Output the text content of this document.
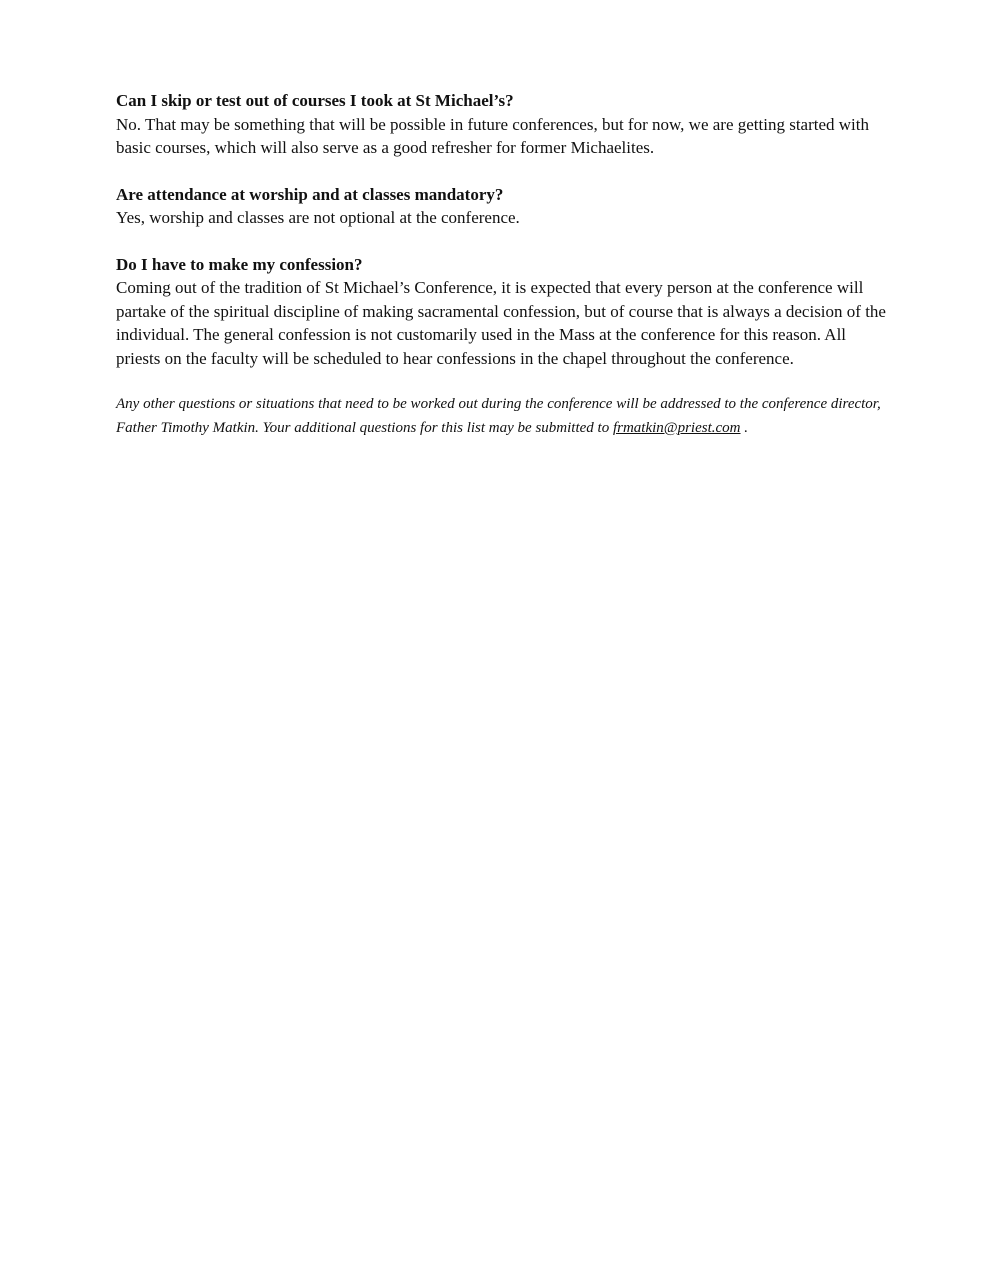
Can I skip or test out of courses I took at St Michael’s?

No. That may be something that will be possible in future conferences, but for now, we are getting started with basic courses, which will also serve as a good refresher for former Michaelites.

Are attendance at worship and at classes mandatory?

Yes, worship and classes are not optional at the conference.

Do I have to make my confession?

Coming out of the tradition of St Michael’s Conference, it is expected that every person at the conference will partake of the spiritual discipline of making sacramental confession, but of course that is always a decision of the individual. The general confession is not customarily used in the Mass at the conference for this reason. All priests on the faculty will be scheduled to hear confessions in the chapel throughout the conference.

Any other questions or situations that need to be worked out during the conference will be addressed to the conference director, Father Timothy Matkin. Your additional questions for this list may be submitted to frmatkin@priest.com .
